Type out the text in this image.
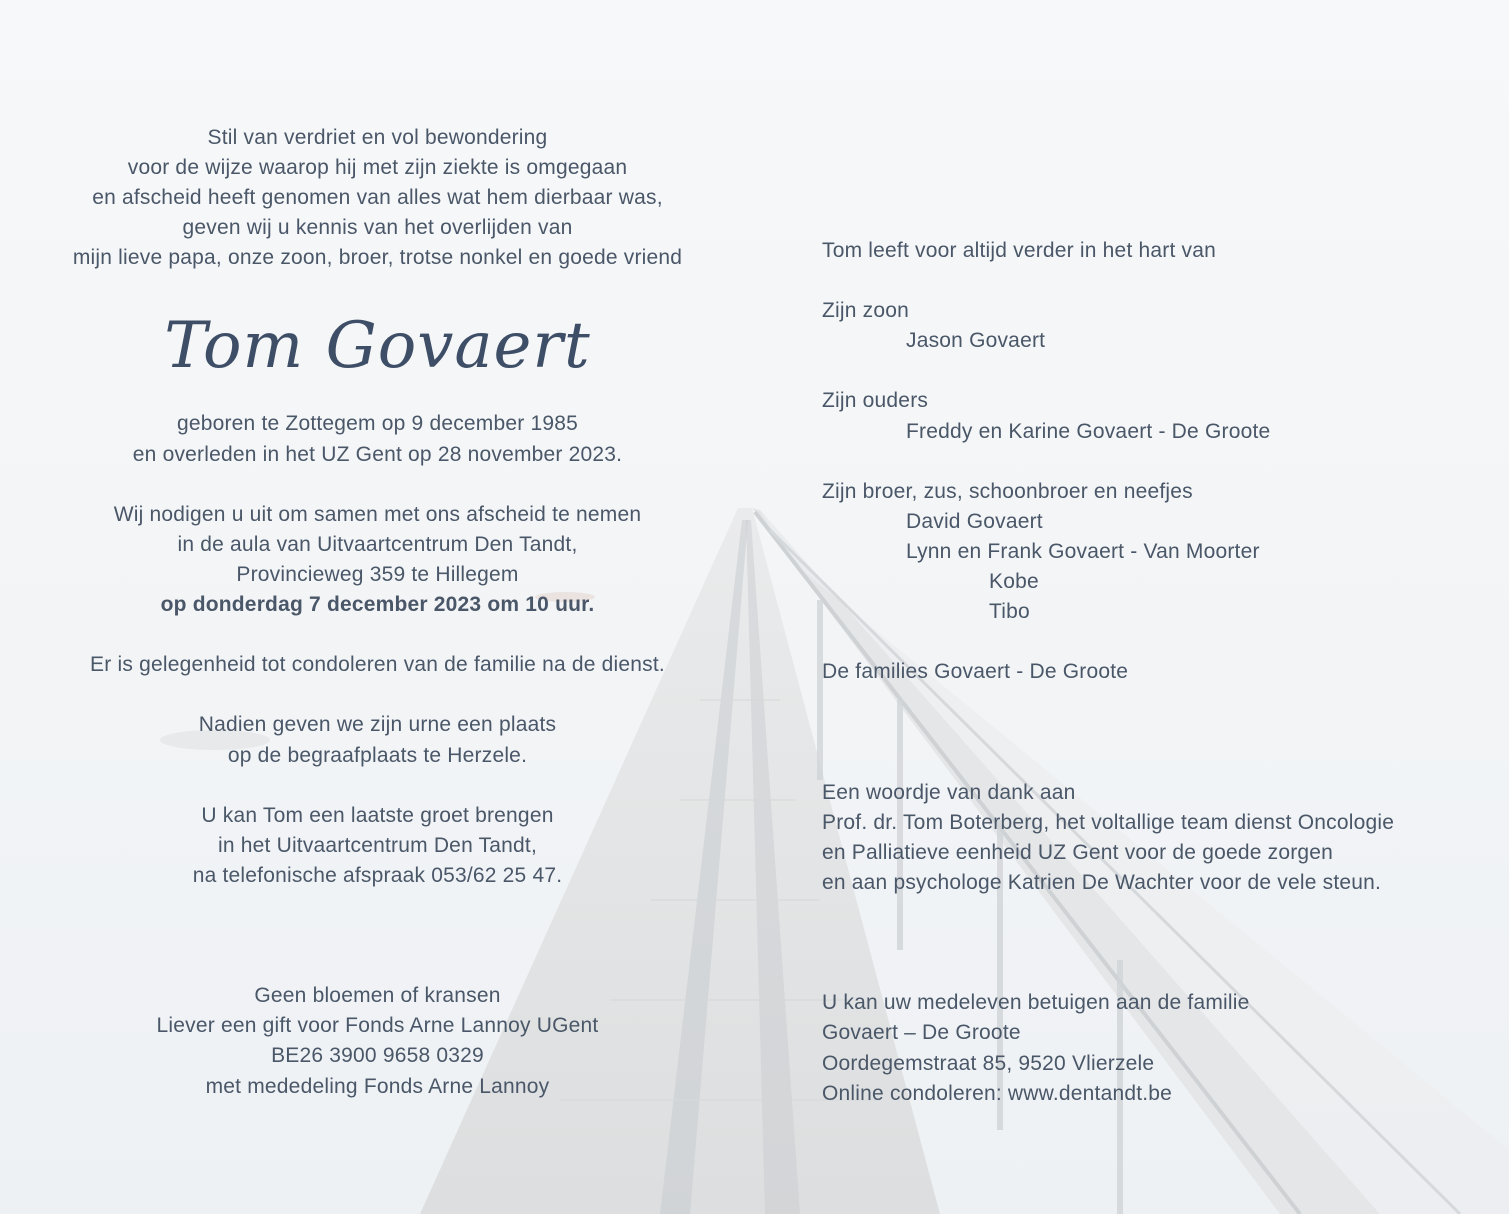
Stil van verdriet en vol bewondering
voor de wijze waarop hij met zijn ziekte is omgegaan
en afscheid heeft genomen van alles wat hem dierbaar was,
geven wij u kennis van het overlijden van
mijn lieve papa, onze zoon, broer, trotse nonkel en goede vriend
Tom Govaert
geboren te Zottegem op 9 december 1985
en overleden in het UZ Gent op 28 november 2023.
Wij nodigen u uit om samen met ons afscheid te nemen
in de aula van Uitvaartcentrum Den Tandt,
Provincieweg 359 te Hillegem
op donderdag 7 december 2023 om 10 uur.
Er is gelegenheid tot condoleren van de familie na de dienst.
Nadien geven we zijn urne een plaats
op de begraafplaats te Herzele.
U kan Tom een laatste groet brengen
in het Uitvaartcentrum Den Tandt,
na telefonische afspraak 053/62 25 47.
Geen bloemen of kransen
Liever een gift voor Fonds Arne Lannoy UGent
BE26 3900 9658 0329
met mededeling Fonds Arne Lannoy
Tom leeft voor altijd verder in het hart van
Zijn zoon
Jason Govaert
Zijn ouders
Freddy en Karine Govaert - De Groote
Zijn broer, zus, schoonbroer en neefjes
David Govaert
Lynn en Frank Govaert - Van Moorter
Kobe
Tibo
De families Govaert - De Groote
Een woordje van dank aan
Prof. dr. Tom Boterberg, het voltallige team dienst Oncologie
en Palliatieve eenheid UZ Gent voor de goede zorgen
en aan psychologe Katrien De Wachter voor de vele steun.
U kan uw medeleven betuigen aan de familie
Govaert – De Groote
Oordegemstraat 85, 9520 Vlierzele
Online condoleren: www.dentandt.be
